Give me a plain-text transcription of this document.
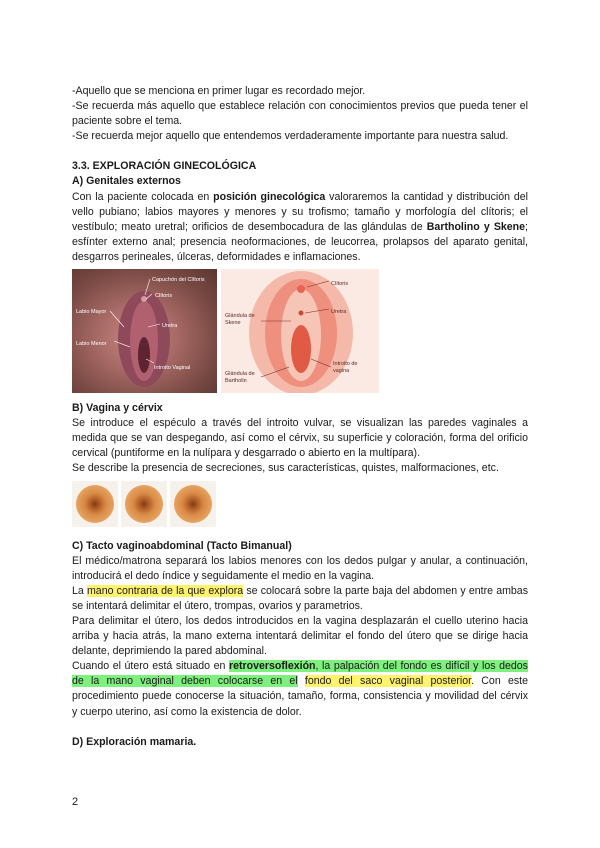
-Aquello que se menciona en primer lugar es recordado mejor.

-Se recuerda más aquello que establece relación con conocimientos previos que pueda tener el paciente sobre el tema.

-Se recuerda mejor aquello que entendemos verdaderamente importante para nuestra salud.

3.3. EXPLORACIÓN GINECOLÓGICA

A) Genitales externos

Con la paciente colocada en posición ginecológica valoraremos la cantidad y distribución del vello pubiano; labios mayores y menores y su trofismo; tamaño y morfología del clítoris; el vestíbulo; meato uretral; orificios de desembocadura de las glándulas de Bartholino y Skene; esfínter externo anal; presencia neoformaciones, de leucorrea, prolapsos del aparato genital, desgarros perineales, úlceras, deformidades e inflamaciones.

Capuchón del Clítoris
Clítoris
Labio Mayor
Uretra
Labio Menor
Introito Vaginal
Clítoris
Uretra
Glándula de Skene
Introito de vagina
Glándula de Bartholin

B) Vagina y cérvix

Se introduce el espéculo a través del introito vulvar, se visualizan las paredes vaginales a medida que se van despegando, así como el cérvix, su superficie y coloración, forma del orificio cervical (puntiforme en la nulípara y desgarrado o abierto en la multípara).

Se describe la presencia de secreciones, sus características, quistes, malformaciones, etc.

C) Tacto vaginoabdominal (Tacto Bimanual)

El médico/matrona separará los labios menores con los dedos pulgar y anular, a continuación, introducirá el dedo índice y seguidamente el medio en la vagina.

La mano contraria de la que explora se colocará sobre la parte baja del abdomen y entre ambas se intentará delimitar el útero, trompas, ovarios y parametrios.

Para delimitar el útero, los dedos introducidos en la vagina desplazarán el cuello uterino hacia arriba y hacia atrás, la mano externa intentará delimitar el fondo del útero que se dirige hacia delante, deprimiendo la pared abdominal.

Cuando el útero está situado en retroversoflexión, la palpación del fondo es difícil y los dedos de la mano vaginal deben colocarse en el fondo del saco vaginal posterior. Con este procedimiento puede conocerse la situación, tamaño, forma, consistencia y movilidad del cérvix y cuerpo uterino, así como la existencia de dolor.

D) Exploración mamaria.

2
